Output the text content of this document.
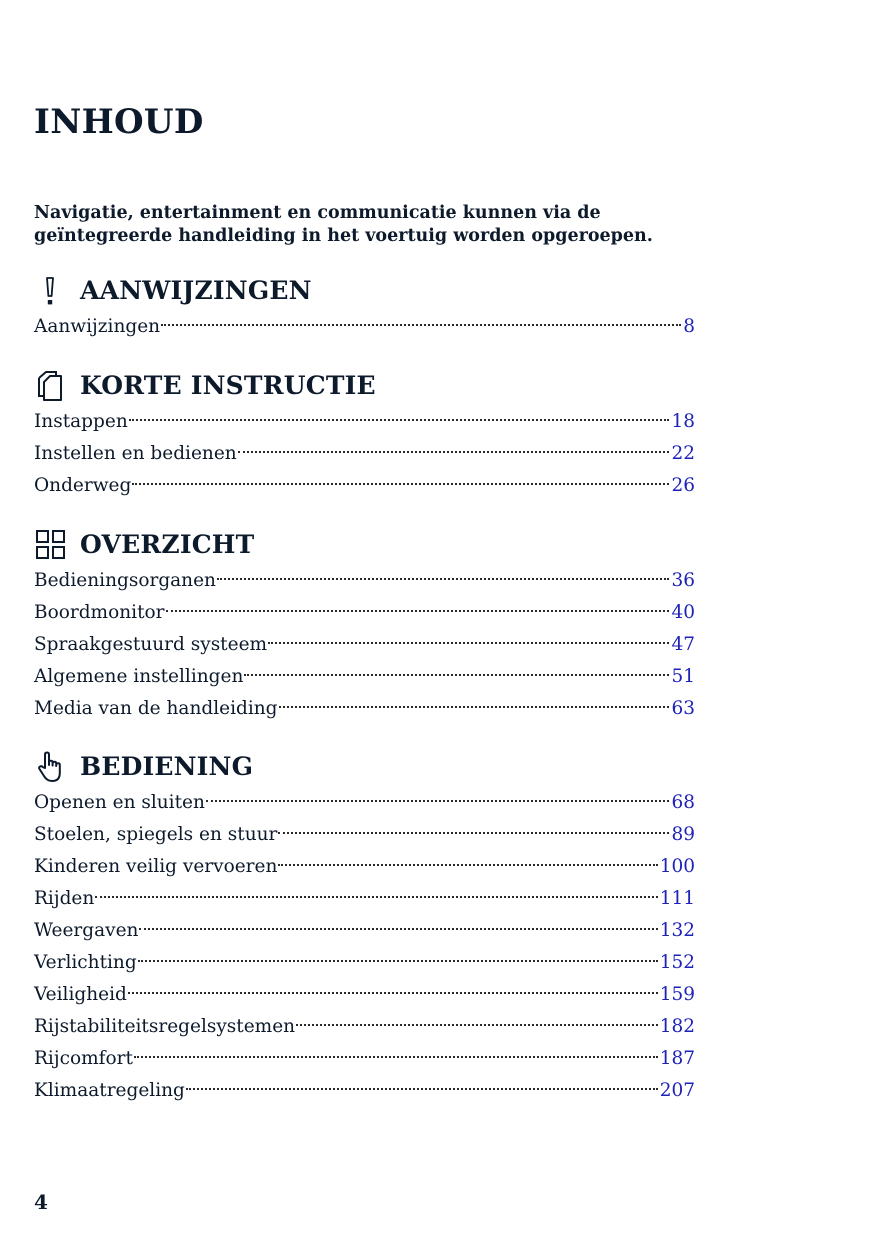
INHOUD

Navigatie, entertainment en communicatie kunnen via de geïntegreerde handleiding in het voertuig worden opgeroepen.

AANWIJZINGEN
Aanwijzingen	8
KORTE INSTRUCTIE
Instappen	18
Instellen en bedienen	22
Onderweg	26
OVERZICHT
Bedieningsorganen	36
Boordmonitor	40
Spraakgestuurd systeem	47
Algemene instellingen	51
Media van de handleiding	63
BEDIENING
Openen en sluiten	68
Stoelen, spiegels en stuur	89
Kinderen veilig vervoeren	100
Rijden	111
Weergaven	132
Verlichting	152
Veiligheid	159
Rijstabiliteitsregelsystemen	182
Rijcomfort	187
Klimaatregeling	207

4
